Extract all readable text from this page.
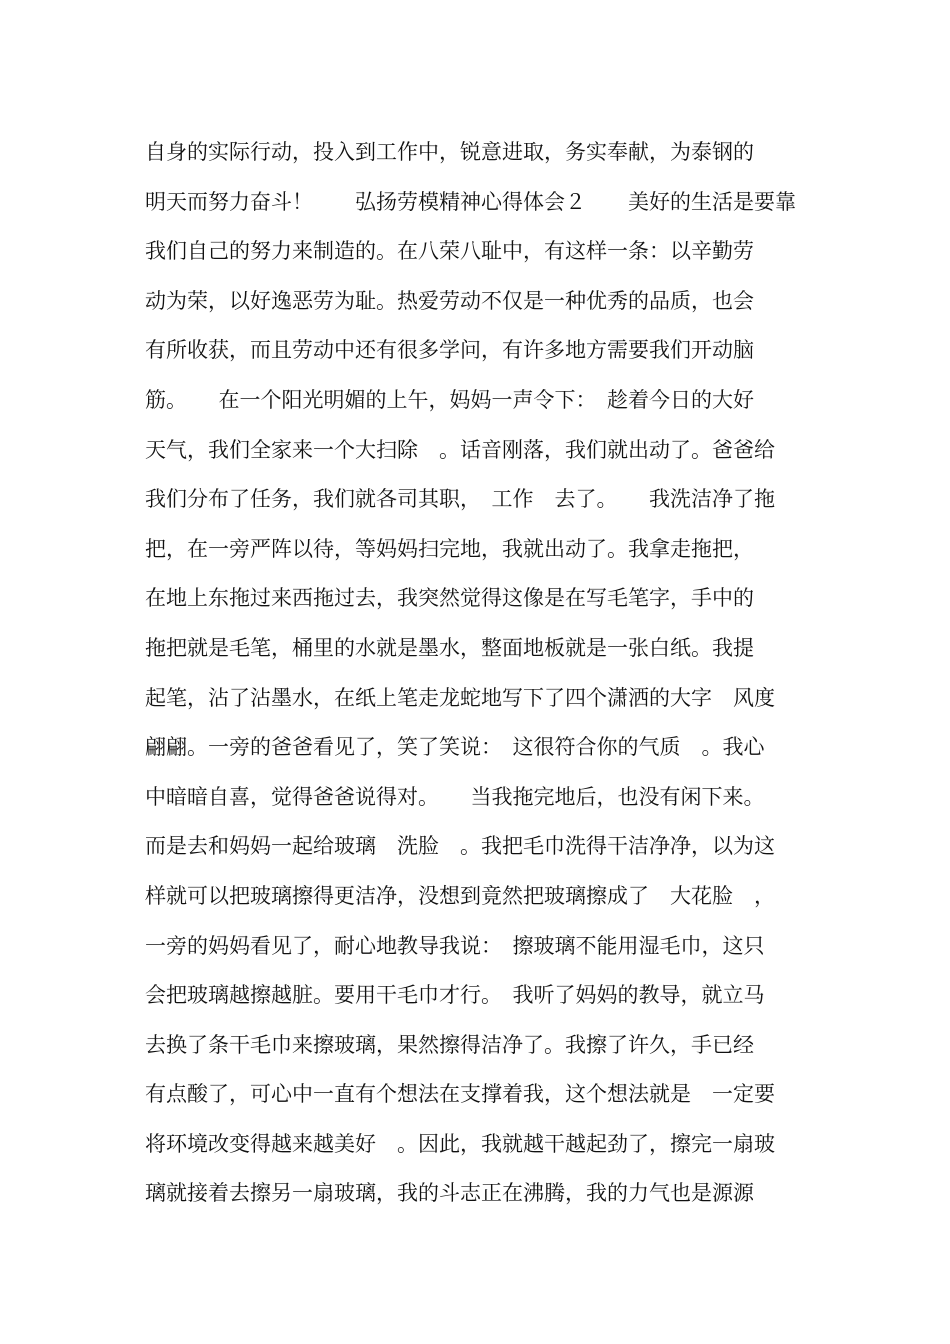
自身的实际行动，投入到工作中，锐意进取，务实奉献，为泰钢的
明天而努力奋斗！　　弘扬劳模精神心得体会２　　美好的生活是要靠
我们自己的努力来制造的。在八荣八耻中，有这样一条：以辛勤劳
动为荣，以好逸恶劳为耻。热爱劳动不仅是一种优秀的品质，也会
有所收获，而且劳动中还有很多学问，有许多地方需要我们开动脑
筋。　　在一个阳光明媚的上午，妈妈一声令下：　趁着今日的大好
天气，我们全家来一个大扫除　。话音刚落，我们就出动了。爸爸给
我们分布了任务，我们就各司其职，　工作　去了。　　我洗洁净了拖
把，在一旁严阵以待，等妈妈扫完地，我就出动了。我拿走拖把，
在地上东拖过来西拖过去，我突然觉得这像是在写毛笔字，手中的
拖把就是毛笔，桶里的水就是墨水，整面地板就是一张白纸。我提
起笔，沾了沾墨水，在纸上笔走龙蛇地写下了四个潇洒的大字　风度
翩翩。一旁的爸爸看见了，笑了笑说：　这很符合你的气质　。我心
中暗暗自喜，觉得爸爸说得对。　　当我拖完地后，也没有闲下来。
而是去和妈妈一起给玻璃　洗脸　。我把毛巾洗得干洁净净，以为这
样就可以把玻璃擦得更洁净，没想到竟然把玻璃擦成了　大花脸　，
一旁的妈妈看见了，耐心地教导我说：　擦玻璃不能用湿毛巾，这只
会把玻璃越擦越脏。要用干毛巾才行。　我听了妈妈的教导，就立马
去换了条干毛巾来擦玻璃，果然擦得洁净了。我擦了许久，手已经
有点酸了，可心中一直有个想法在支撑着我，这个想法就是　一定要
将环境改变得越来越美好　。因此，我就越干越起劲了，擦完一扇玻
璃就接着去擦另一扇玻璃，我的斗志正在沸腾，我的力气也是源源
